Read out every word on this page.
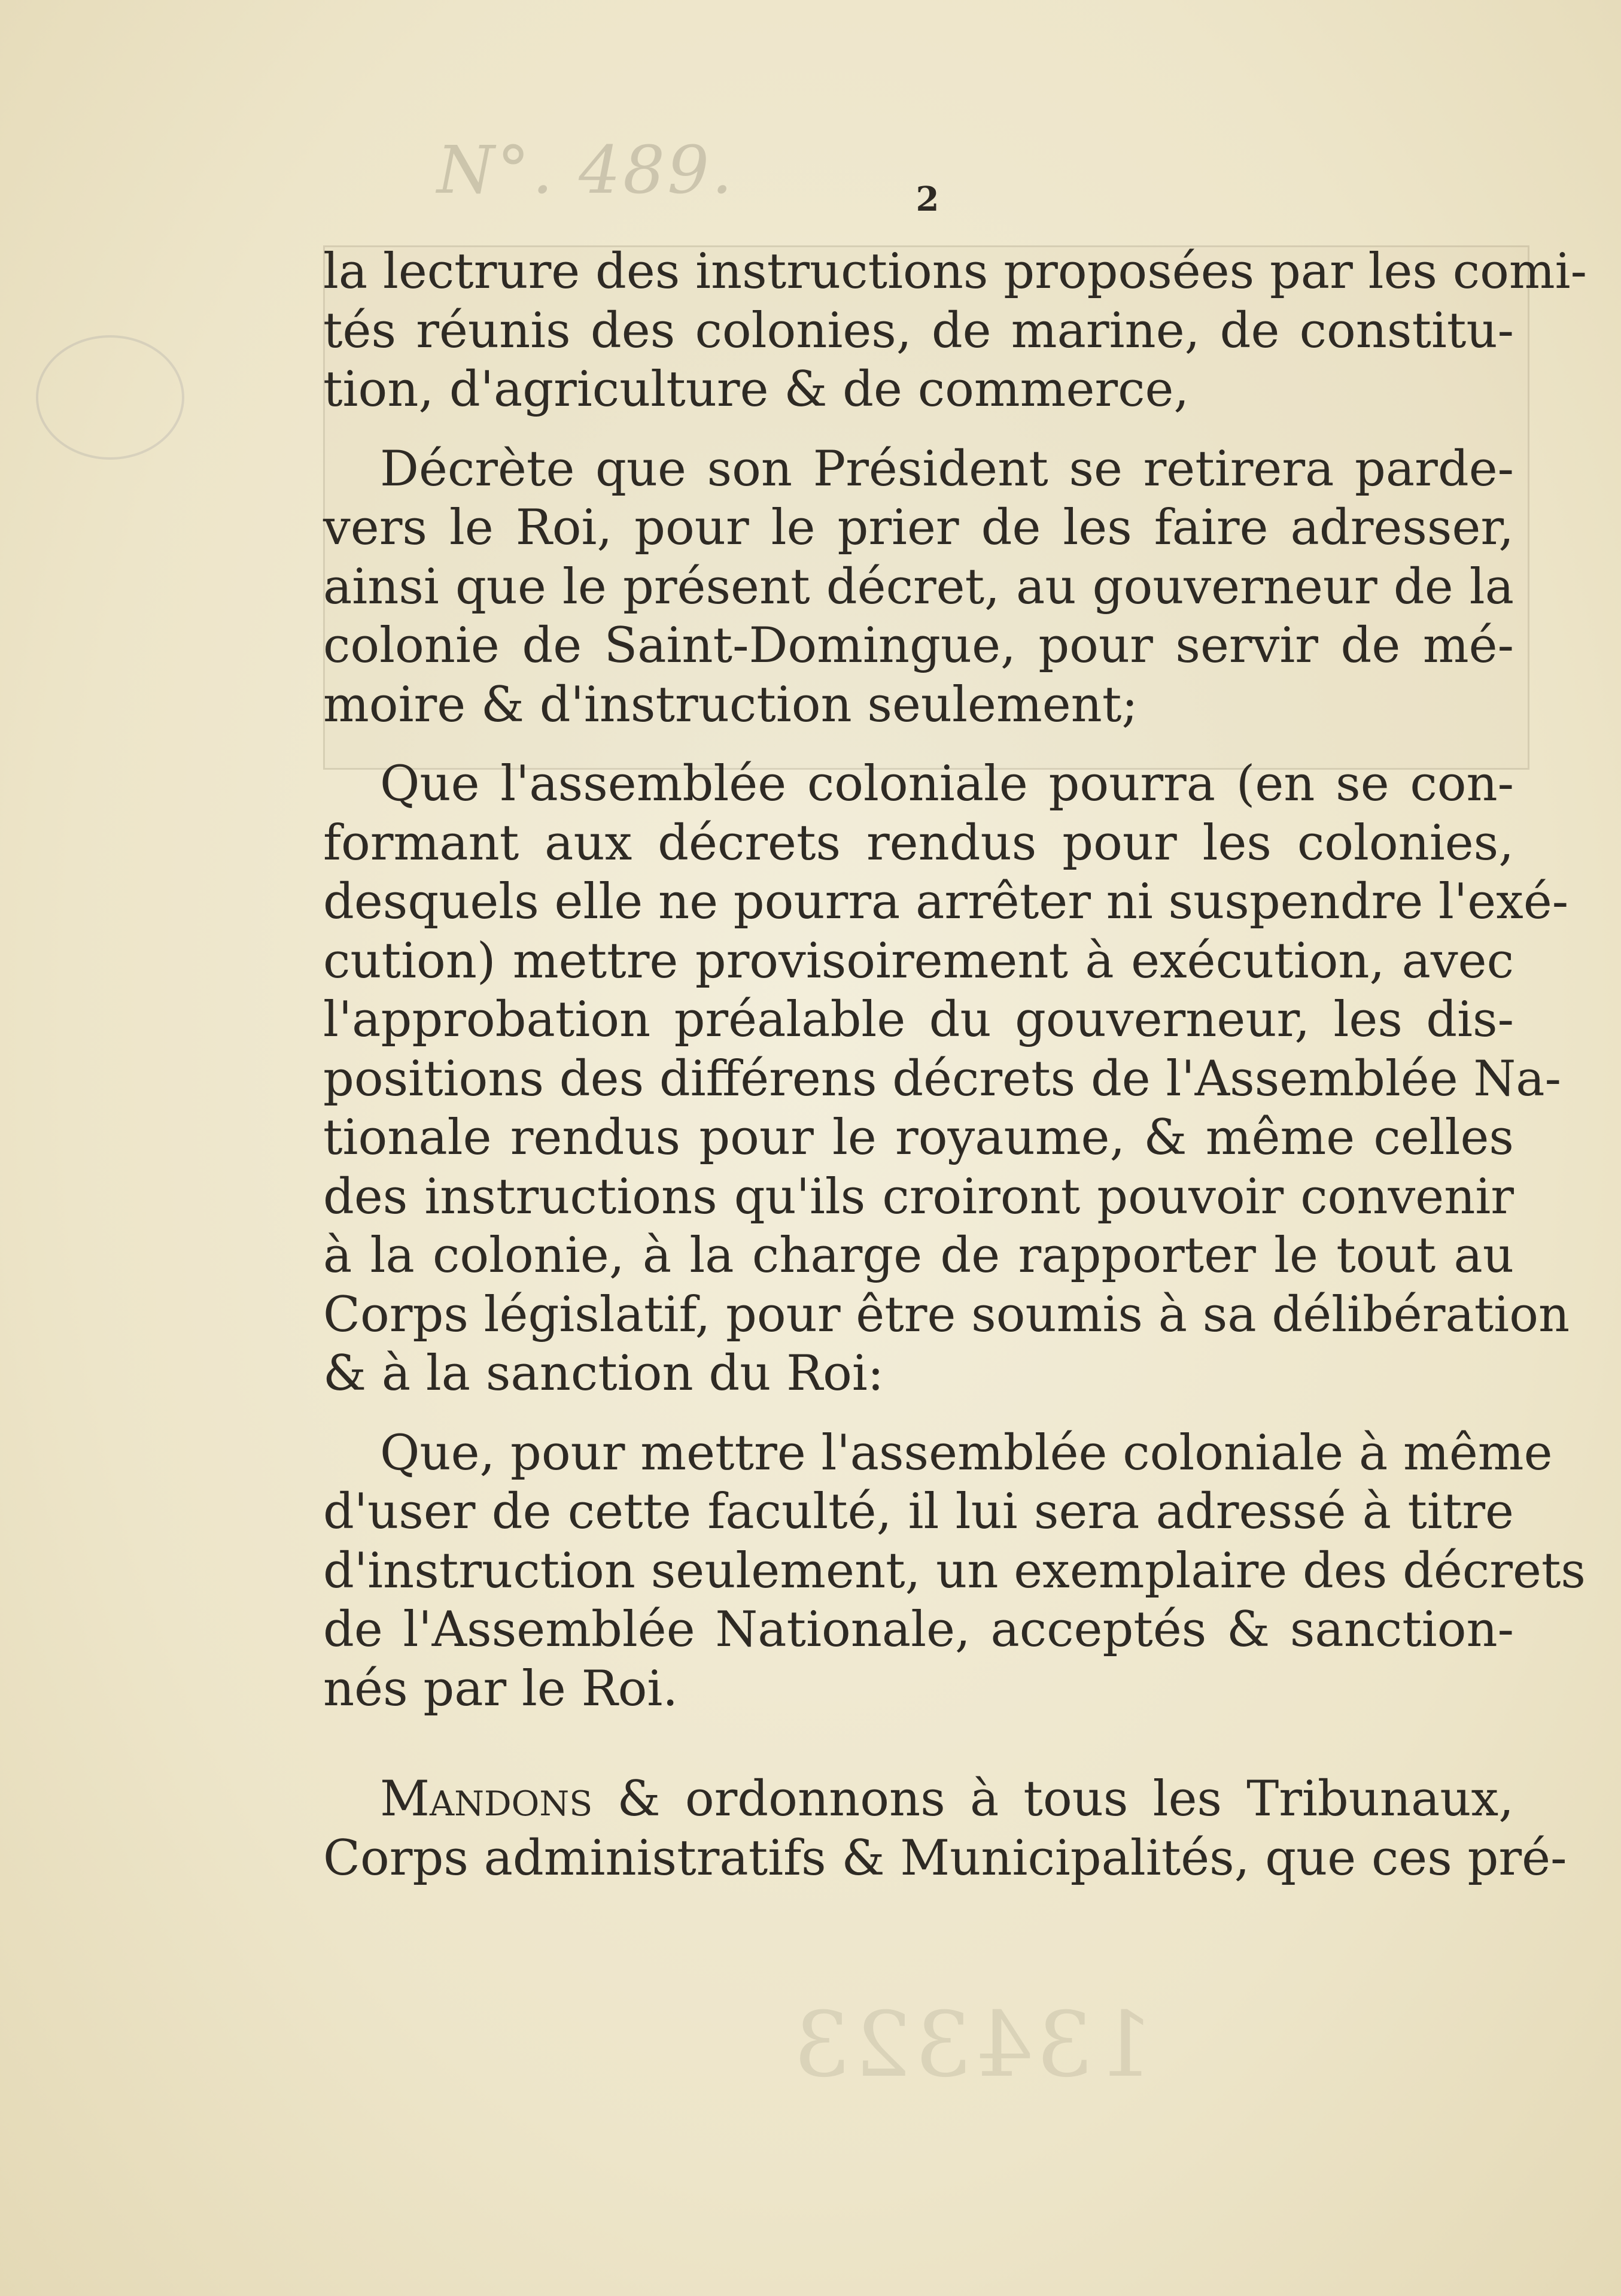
N°. 489.
134323
2
la lectrure des instructions proposées par les comi-
tés réunis des colonies, de marine, de constitu-
tion, d'agriculture & de commerce,
Décrète que son Président se retirera parde-
vers le Roi, pour le prier de les faire adresser,
ainsi que le présent décret, au gouverneur de la
colonie de Saint-Domingue, pour servir de mé-
moire & d'instruction seulement;
Que l'assemblée coloniale pourra (en se con-
formant aux décrets rendus pour les colonies,
desquels elle ne pourra arrêter ni suspendre l'exé-
cution) mettre provisoirement à exécution, avec
l'approbation préalable du gouverneur, les dis-
positions des différens décrets de l'Assemblée Na-
tionale rendus pour le royaume, & même celles
des instructions qu'ils croiront pouvoir convenir
à la colonie, à la charge de rapporter le tout au
Corps législatif, pour être soumis à sa délibération
& à la sanction du Roi:
Que, pour mettre l'assemblée coloniale à même
d'user de cette faculté, il lui sera adressé à titre
d'instruction seulement, un exemplaire des décrets
de l'Assemblée Nationale, acceptés & sanction-
nés par le Roi.
Mandons & ordonnons à tous les Tribunaux,
Corps administratifs & Municipalités, que ces pré-
